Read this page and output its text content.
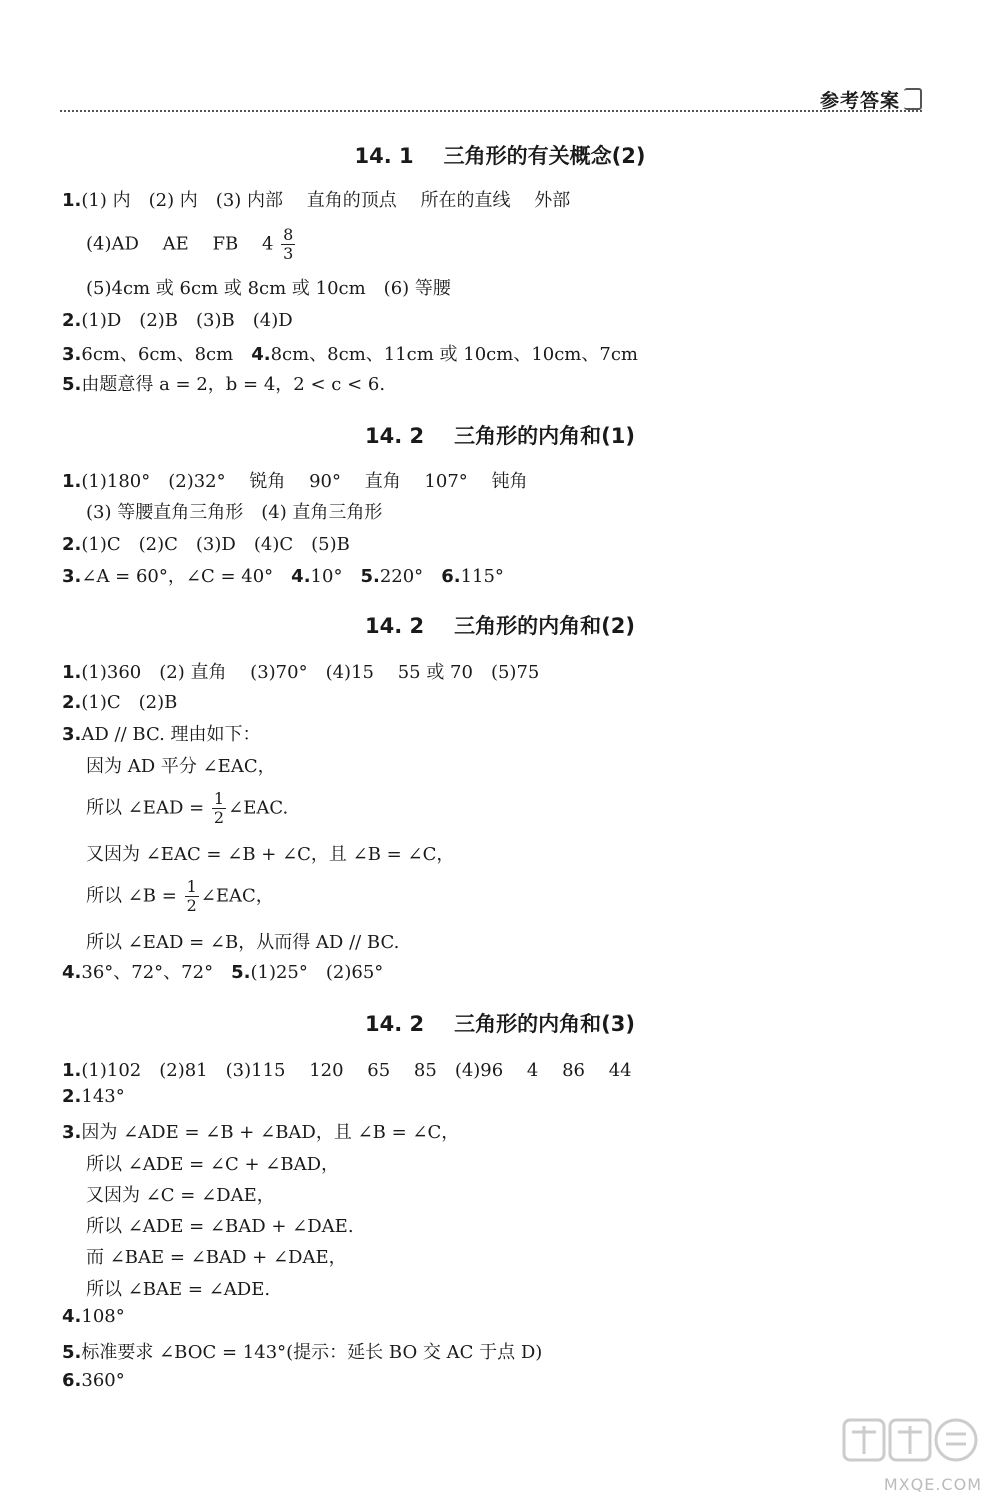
参考答案
14. 1 三角形的有关概念(2)
1.(1) 内　(2) 内　(3) 内部　 直角的顶点　 所在的直线　 外部
(4)AD　 AE　 FB　 $4 \frac{8}{3}$
(5)4cm 或 6cm 或 8cm 或 10cm　(6) 等腰
2.(1)D　(2)B　(3)B　(4)D
3.6cm、6cm、8cm　 4.8cm、8cm、11cm 或 10cm、10cm、7cm
5.由题意得 a = 2，b = 4，2 < c < 6.
14. 2 三角形的内角和(1)
1.(1)180°　(2)32°　 锐角　 90°　 直角　 107°　 钝角
(3) 等腰直角三角形　(4) 直角三角形
2.(1)C　(2)C　(3)D　(4)C　(5)B
3.∠A = 60°，∠C = 40°　 4.10°　 5.220°　 6.115°
14. 2 三角形的内角和(2)
1.(1)360　(2) 直角　 (3)70°　(4)15　 55 或 70　(5)75
2.(1)C　(2)B
3.AD // BC. 理由如下：
因为 AD 平分 ∠EAC，
所以 ∠EAD = $\frac{1}{2}$ ∠EAC.
又因为 ∠EAC = ∠B + ∠C，且 ∠B = ∠C，
所以 ∠B = $\frac{1}{2}$ ∠EAC，
所以 ∠EAD = ∠B，从而得 AD // BC.
4.36°、72°、72°　 5.(1)25°　(2)65°
14. 2 三角形的内角和(3)
1.(1)102　(2)81　(3)115　 120　 65　 85　(4)96　 4　 86　 44
2.143°
3.因为 ∠ADE = ∠B + ∠BAD，且 ∠B = ∠C，
所以 ∠ADE = ∠C + ∠BAD，
又因为 ∠C = ∠DAE，
所以 ∠ADE = ∠BAD + ∠DAE.
而 ∠BAE = ∠BAD + ∠DAE，
所以 ∠BAE = ∠ADE.
4.108°
5.标准要求 ∠BOC = 143°(提示：延长 BO 交 AC 于点 D)
6.360°
MXQE.COM
